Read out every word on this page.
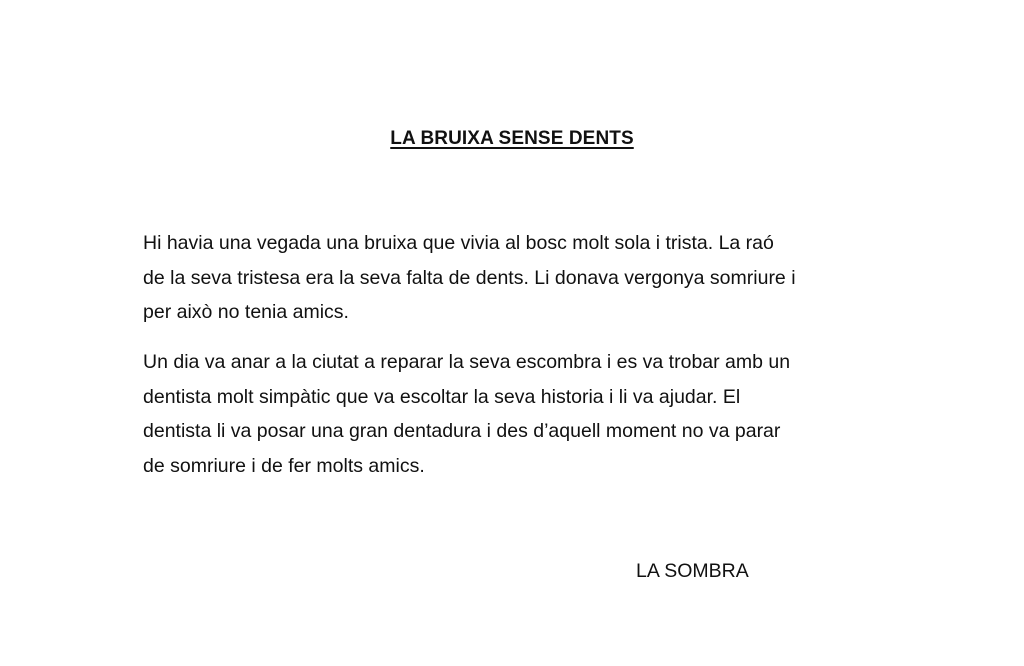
LA BRUIXA SENSE DENTS

Hi havia una vegada una bruixa que vivia al bosc molt sola i trista. La raó
de la seva tristesa era la seva falta de dents. Li donava vergonya somriure i
per això no tenia amics.

Un dia va anar a la ciutat a reparar la seva escombra i es va trobar amb un
dentista molt simpàtic que va escoltar la seva historia i li va ajudar. El
dentista li va posar una gran dentadura i des d’aquell moment no va parar
de somriure i de fer molts amics.

LA SOMBRA
